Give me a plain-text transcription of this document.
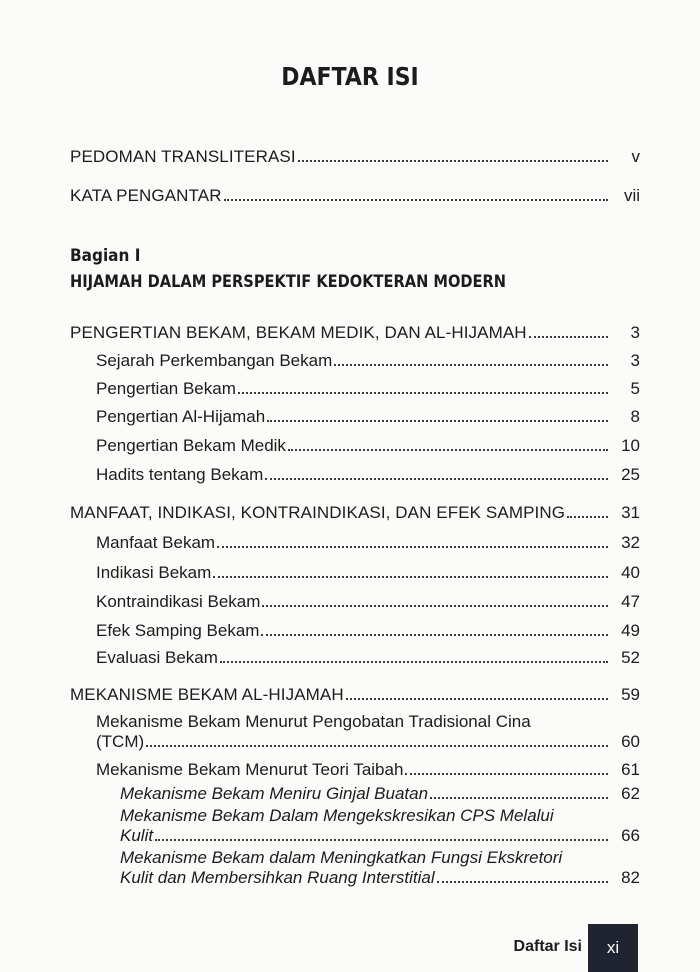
DAFTAR ISI
PEDOMAN TRANSLITERASI	v
KATA PENGANTAR	vii
Bagian I
HIJAMAH DALAM PERSPEKTIF KEDOKTERAN MODERN
PENGERTIAN BEKAM, BEKAM MEDIK, DAN AL-HIJAMAH	3
Sejarah Perkembangan Bekam	3
Pengertian Bekam	5
Pengertian Al-Hijamah	8
Pengertian Bekam Medik	10
Hadits tentang Bekam	25
MANFAAT, INDIKASI, KONTRAINDIKASI, DAN EFEK SAMPING	31
Manfaat Bekam	32
Indikasi Bekam	40
Kontraindikasi Bekam	47
Efek Samping Bekam	49
Evaluasi Bekam	52
MEKANISME BEKAM AL-HIJAMAH	59
Mekanisme Bekam Menurut Pengobatan Tradisional Cina
(TCM)	60
Mekanisme Bekam Menurut Teori Taibah	61
Mekanisme Bekam Meniru Ginjal Buatan	62
Mekanisme Bekam Dalam Mengekskresikan CPS Melalui
Kulit	66
Mekanisme Bekam dalam Meningkatkan Fungsi Ekskretori
Kulit dan Membersihkan Ruang Interstitial	82
Daftar Isi	xi
